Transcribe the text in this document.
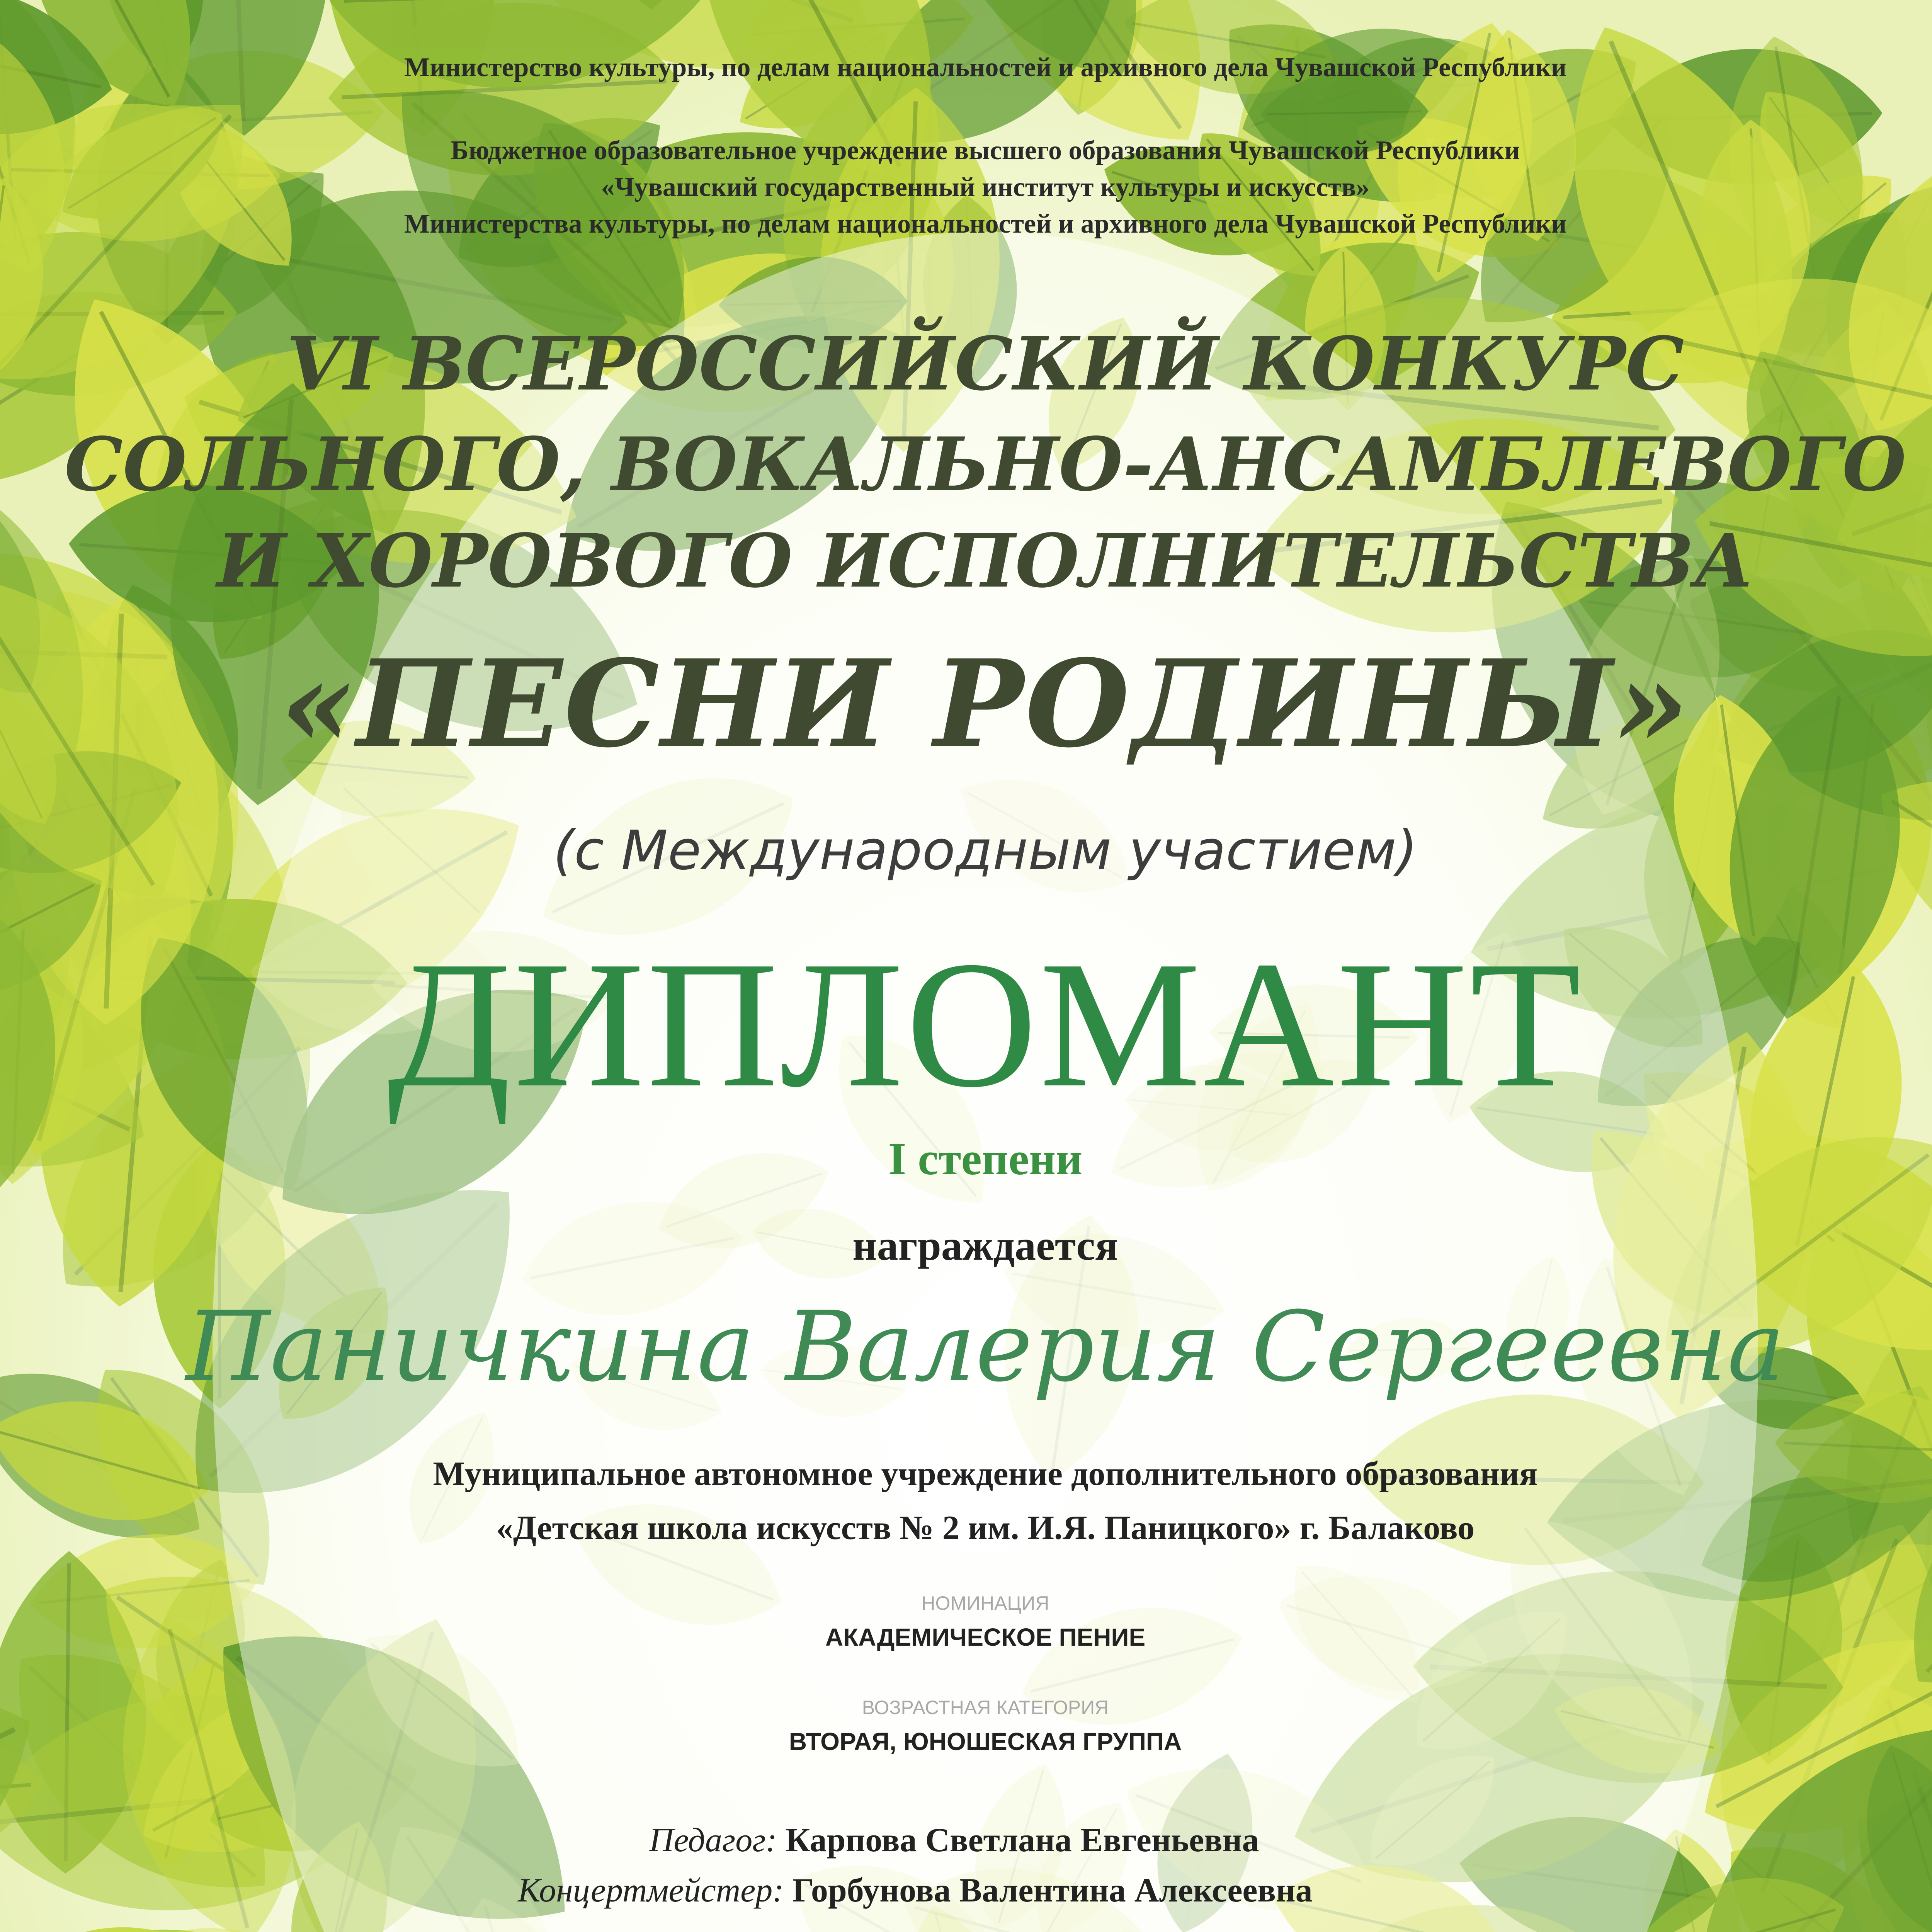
Министерство культуры, по делам национальностей и архивного дела Чувашской Республики
Бюджетное образовательное учреждение высшего образования Чувашской Республики
«Чувашский государственный институт культуры и искусств»
Министерства культуры, по делам национальностей и архивного дела Чувашской Республики
VI ВСЕРОССИЙСКИЙ КОНКУРС
СОЛЬНОГО, ВОКАЛЬНО-АНСАМБЛЕВОГО
И ХОРОВОГО ИСПОЛНИТЕЛЬСТВА
«ПЕСНИ РОДИНЫ»
(с Международным участием)
ДИПЛОМАНТ
I степени
награждается
Паничкина Валерия Сергеевна
Муниципальное автономное учреждение дополнительного образования
«Детская школа искусств № 2 им. И.Я. Паницкого» г. Балаково
НОМИНАЦИЯ
АКАДЕМИЧЕСКОЕ ПЕНИЕ
ВОЗРАСТНАЯ КАТЕГОРИЯ
ВТОРАЯ, ЮНОШЕСКАЯ ГРУППА
Педагог: Карпова Светлана Евгеньевна
Концертмейстер: Горбунова Валентина Алексеевна
